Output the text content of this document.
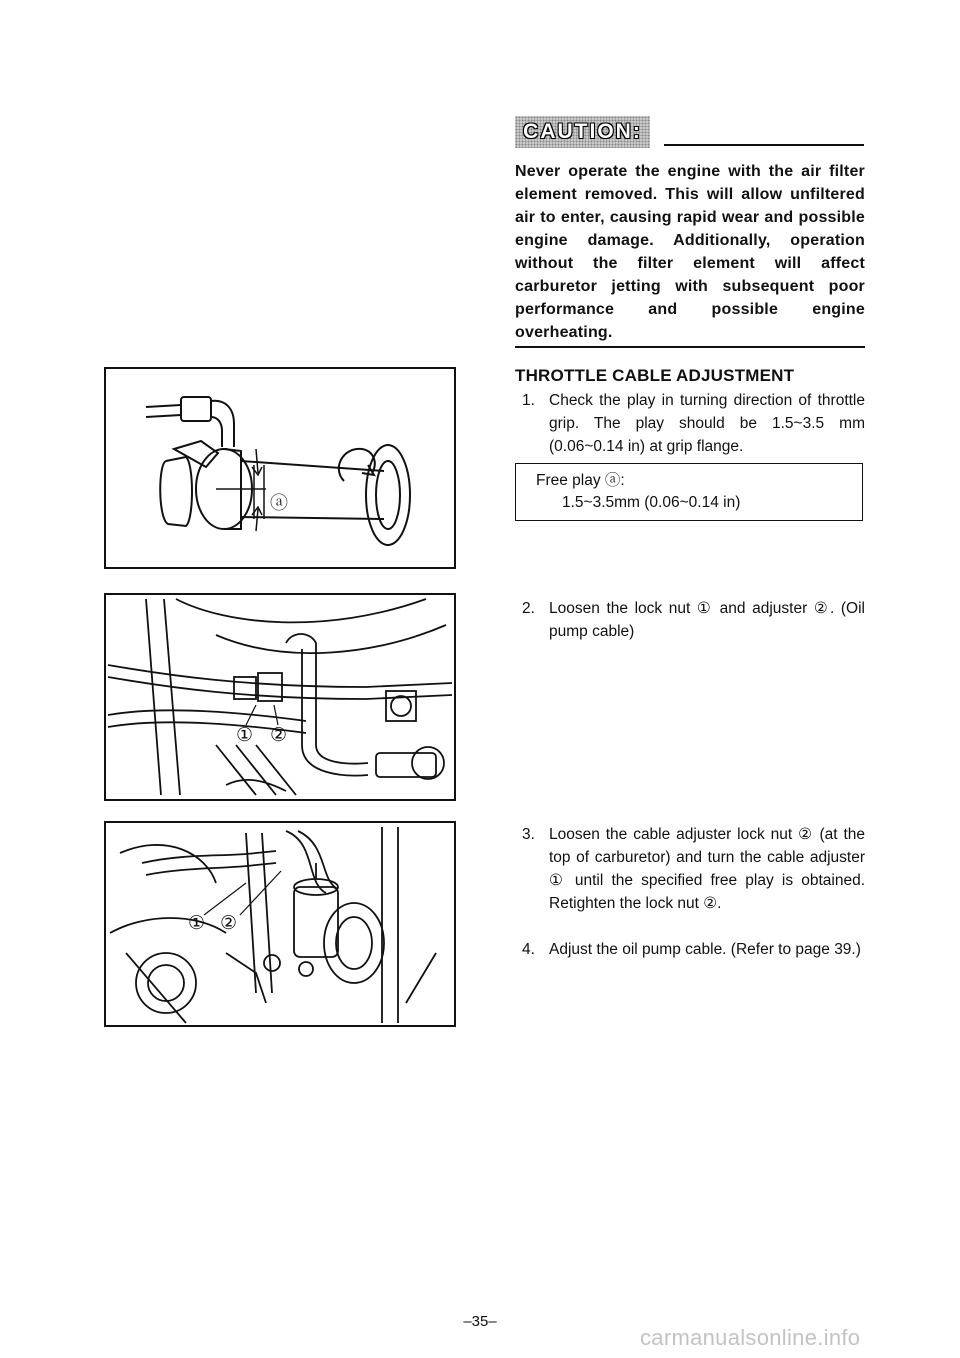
CAUTION:
Never operate the engine with the air filter element removed. This will allow unfiltered air to enter, causing rapid wear and possible engine damage. Additionally, operation without the filter element will affect carburetor jetting with subsequent poor performance and possible engine overheating.
THROTTLE CABLE ADJUSTMENT
1. Check the play in turning direction of throttle grip. The play should be 1.5~3.5 mm (0.06~0.14 in) at grip flange.
Free play ⓐ:
1.5~3.5mm (0.06~0.14 in)
2. Loosen the lock nut ① and adjuster ②. (Oil pump cable)
3. Loosen the cable adjuster lock nut ② (at the top of carburetor) and turn the cable adjuster ① until the specified free play is obtained. Retighten the lock nut ②.
4. Adjust the oil pump cable. (Refer to page 39.)
ⓐ
① ②
① ②
–35–
carmanualsonline.info
